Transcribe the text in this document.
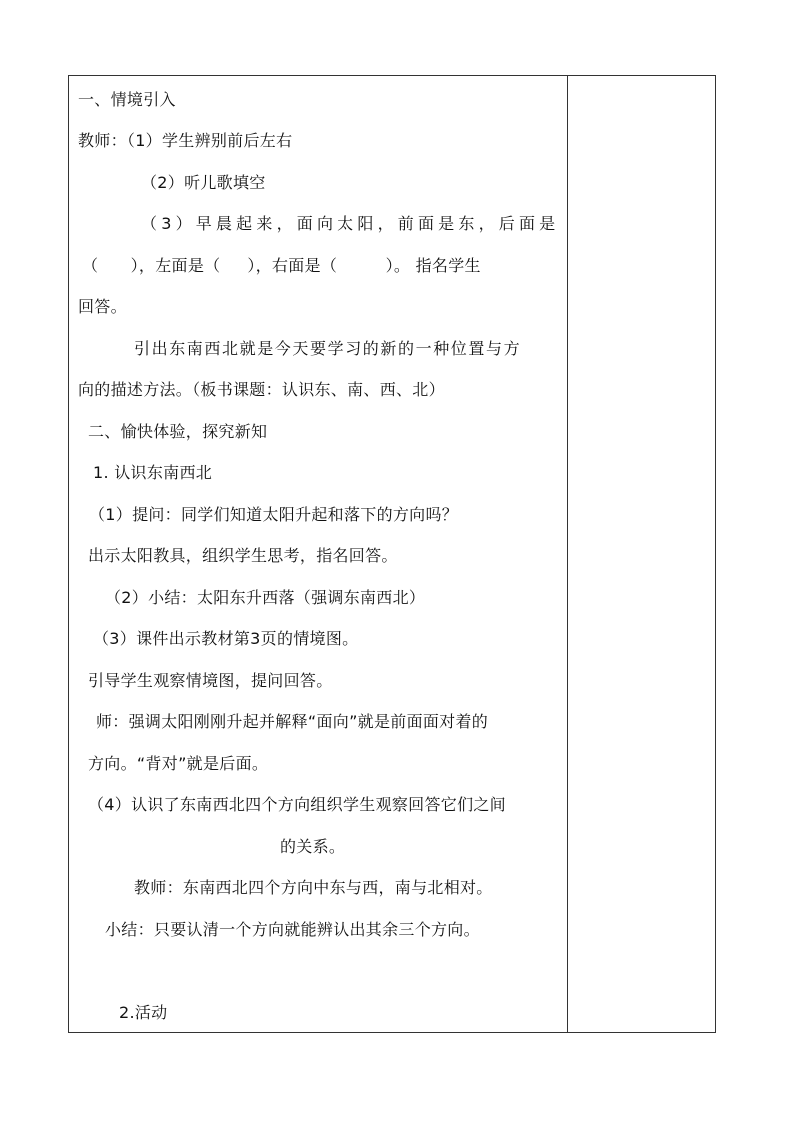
一、情境引入
教师：（1）学生辨别前后左右
（2）听儿歌填空
（3）早晨起来，面向太阳，前面是东，后面是
（      ），左面是（     ），右面是（         ）。 指名学生
回答。
引出东南西北就是今天要学习的新的一种位置与方
向的描述方法。（板书课题：认识东、南、西、北）
二、愉快体验，探究新知
1. 认识东南西北
（1）提问：同学们知道太阳升起和落下的方向吗？
出示太阳教具，组织学生思考，指名回答。
（2）小结：太阳东升西落（强调东南西北）
（3）课件出示教材第3页的情境图。
引导学生观察情境图，提问回答。
师：强调太阳刚刚升起并解释“面向”就是前面面对着的
方向。“背对”就是后面。
（4）认识了东南西北四个方向组织学生观察回答它们之间
的关系。
教师：东南西北四个方向中东与西，南与北相对。
小结：只要认清一个方向就能辨认出其余三个方向。
2.活动
